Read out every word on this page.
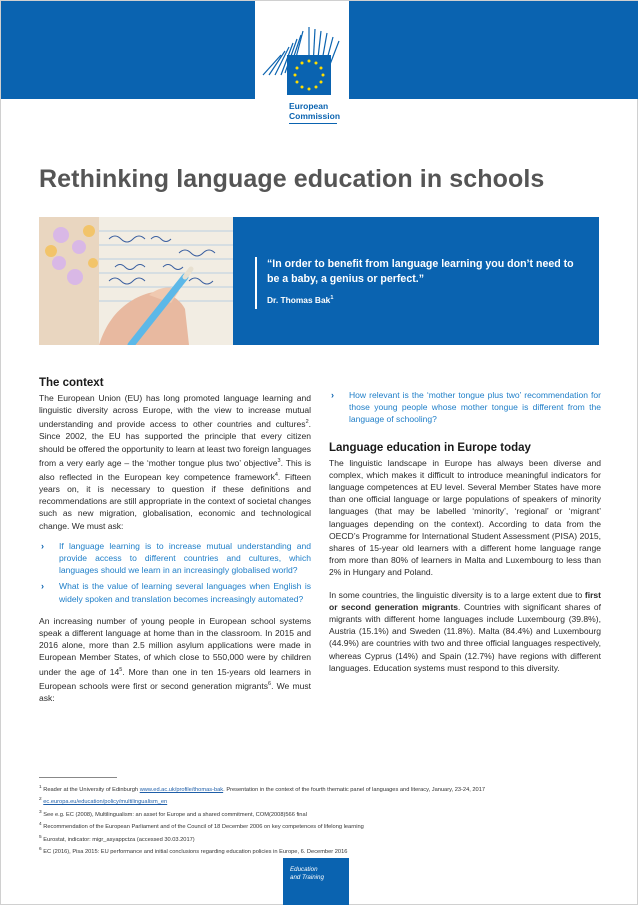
European
Commission
Rethinking language education in schools
“In order to benefit from language learning you don’t need to be a baby, a genius or perfect.”
Dr. Thomas Bak$^1$
The context

The European Union (EU) has long promoted language learning and linguistic diversity across Europe, with the view to increase mutual understanding and provide access to other countries and cultures$^2$. Since 2002, the EU has supported the principle that every citizen should be offered the opportunity to learn at least two foreign languages from a very early age – the ‘mother tongue plus two’ objective$^3$. This is also reflected in the European key competence framework$^4$. Fifteen years on, it is necessary to question if these definitions and recommendations are still appropriate in the context of societal changes such as new migration, globalisation, economic and technological change. We must ask:

› If language learning is to increase mutual understanding and provide access to different countries and cultures, which languages should we learn in an increasingly globalised world?
› What is the value of learning several languages when English is widely spoken and translation becomes increasingly automated?

An increasing number of young people in European school systems speak a different language at home than in the classroom. In 2015 and 2016 alone, more than 2.5 million asylum applications were made in European Member States, of which close to 550,000 were by children under the age of $14^5$. More than one in ten 15-years old learners in European schools were first or second generation migrants$^6$. We must ask:

› How relevant is the ‘mother tongue plus two’ recommendation for those young people whose mother tongue is different from the language of schooling?
Language education in Europe today

The linguistic landscape in Europe has always been diverse and complex, which makes it difficult to introduce meaningful indicators for language competences at EU level. Several Member States have more than one official language or large populations of speakers of minority languages (that may be labelled ‘minority’, ‘regional’ or ‘migrant’ languages depending on the context). According to data from the OECD’s Programme for International Student Assessment (PISA) 2015, shares of 15-year old learners with a different home language range from more than 80% of learners in Malta and Luxembourg to less than 2% in Hungary and Poland.

In some countries, the linguistic diversity is to a large extent due to first or second generation migrants. Countries with significant shares of migrants with different home languages include Luxembourg (39.8%), Austria (15.1%) and Sweden (11.8%). Malta (84.4%) and Luxembourg (44.9%) are countries with two and three official languages respectively, whereas Cyprus (14%) and Spain (12.7%) have regions with different languages. Education systems must respond to this diversity.

$^1$ Reader at the University of Edinburgh www.ed.ac.uk/profile/thomas-bak. Presentation in the context of the fourth thematic panel of languages and literacy, January, 23-24, 2017
$^2$ ec.europa.eu/education/policy/multilingualism_en
$^3$ See e.g. EC (2008), Multilingualism: an asset for Europe and a shared commitment, COM(2008)566 final
$^4$ Recommendation of the European Parliament and of the Council of 18 December 2006 on key competences of lifelong learning
$^5$ Eurostat, indicator: migr_asyappctza (accessed 30.03.2017)
$^6$ EC (2016), Pisa 2015: EU performance and initial conclusions regarding education policies in Europe, 6. December 2016
Education
and Training
